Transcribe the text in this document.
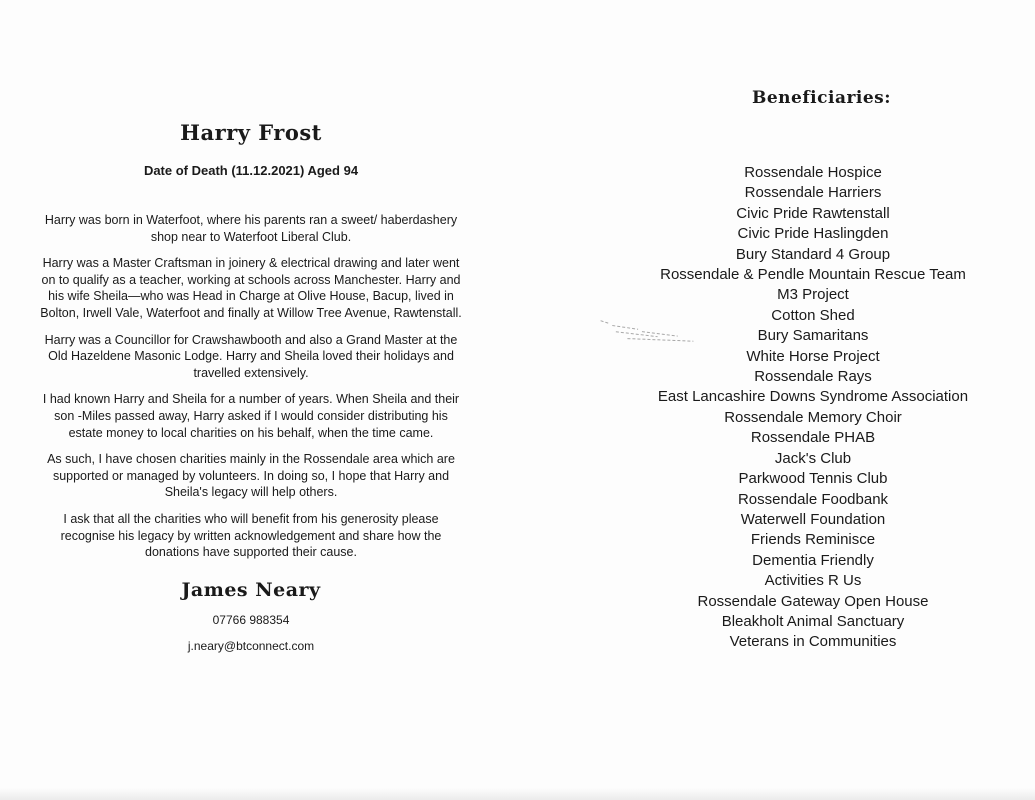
Harry Frost
Date of Death (11.12.2021) Aged 94

Harry was born in Waterfoot, where his parents ran a sweet/ haberdashery shop near to Waterfoot Liberal Club.

Harry was a Master Craftsman in joinery & electrical drawing and later went on to qualify as a teacher, working at schools across Manchester. Harry and his wife Sheila—who was Head in Charge at Olive House, Bacup, lived in Bolton, Irwell Vale, Waterfoot and finally at Willow Tree Avenue, Rawtenstall.

Harry was a Councillor for Crawshawbooth and also a Grand Master at the Old Hazeldene Masonic Lodge. Harry and Sheila loved their holidays and travelled extensively.

I had known Harry and Sheila for a number of years. When Sheila and their son -Miles passed away, Harry asked if I would consider distributing his estate money to local charities on his behalf, when the time came.

As such, I have chosen charities mainly in the Rossendale area which are supported or managed by volunteers. In doing so, I hope that Harry and Sheila's legacy will help others.

I ask that all the charities who will benefit from his generosity please recognise his legacy by written acknowledgement and share how the donations have supported their cause.

James Neary
07766 988354
j.neary@btconnect.com
Beneficiaries:

Rossendale Hospice

Rossendale Harriers

Civic Pride Rawtenstall

Civic Pride Haslingden

Bury Standard 4 Group

Rossendale & Pendle Mountain Rescue Team

M3 Project

Cotton Shed

Bury Samaritans

White Horse Project

Rossendale Rays

East Lancashire Downs Syndrome Association

Rossendale Memory Choir

Rossendale PHAB

Jack's Club

Parkwood Tennis Club

Rossendale Foodbank

Waterwell Foundation

Friends Reminisce

Dementia Friendly

Activities R Us

Rossendale Gateway Open House

Bleakholt Animal Sanctuary

Veterans in Communities
